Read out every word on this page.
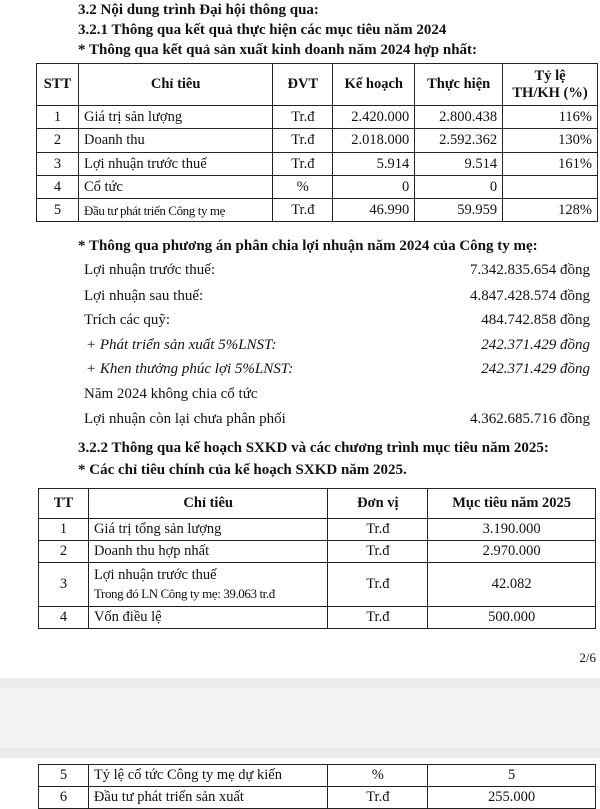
3.2 Nội dung trình Đại hội thông qua:
3.2.1 Thông qua kết quả thực hiện các mục tiêu năm 2024
* Thông qua kết quả sản xuất kinh doanh năm 2024 hợp nhất:
STT	Chỉ tiêu	ĐVT	Kế hoạch	Thực hiện	Tỷ lệ
TH/KH (%)
1	Giá trị sản lượng	Tr.đ	2.420.000	2.800.438	116%
2	Doanh thu	Tr.đ	2.018.000	2.592.362	130%
3	Lợi nhuận trước thuế	Tr.đ	5.914	9.514	161%
4	Cổ tức	%	0	0	
5	Đầu tư phát triển Công ty mẹ	Tr.đ	46.990	59.959	128%
* Thông qua phương án phân chia lợi nhuận năm 2024 của Công ty mẹ:
Lợi nhuận trước thuế:	7.342.835.654 đồng
Lợi nhuận sau thuế:	4.847.428.574 đồng
Trích các quỹ:	484.742.858 đồng
+ Phát triển sản xuất 5%LNST:	242.371.429 đồng
+ Khen thưởng phúc lợi 5%LNST:	242.371.429 đồng
Năm 2024 không chia cổ tức
Lợi nhuận còn lại chưa phân phối	4.362.685.716 đồng
3.2.2 Thông qua kế hoạch SXKD và các chương trình mục tiêu năm 2025:
* Các chỉ tiêu chính của kế hoạch SXKD năm 2025.
TT	Chỉ tiêu	Đơn vị	Mục tiêu năm 2025
1	Giá trị tổng sản lượng	Tr.đ	3.190.000
2	Doanh thu hợp nhất	Tr.đ	2.970.000
3	Lợi nhuận trước thuế
Trong đó LN Công ty mẹ: 39.063 tr.đ	Tr.đ	42.082
4	Vốn điều lệ	Tr.đ	500.000
2/6
5	Tỷ lệ cổ tức Công ty mẹ dự kiến	%	5
6	Đầu tư phát triển sản xuất	Tr.đ	255.000
